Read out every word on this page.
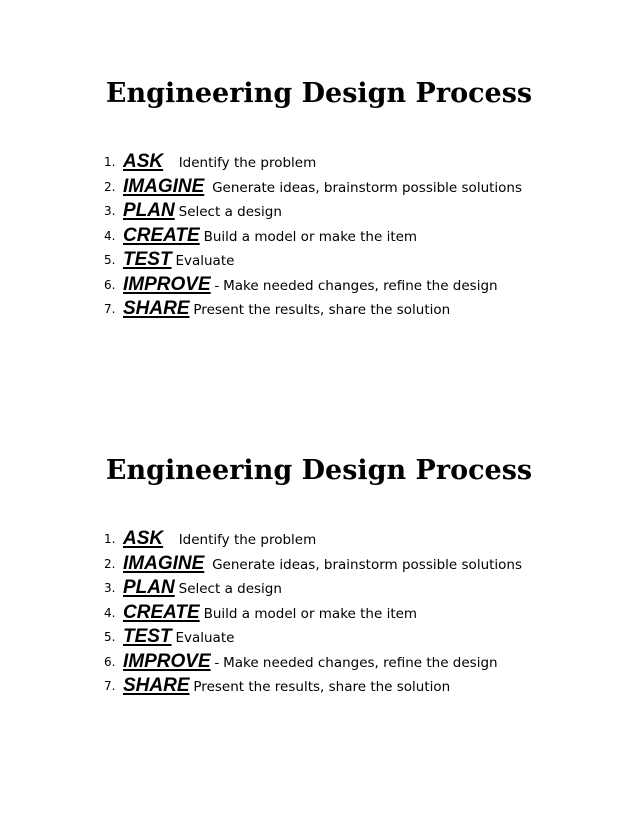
Engineering Design Process
1. ASK Identify the problem
2. IMAGINE Generate ideas, brainstorm possible solutions
3. PLAN Select a design
4. CREATE Build a model or make the item
5. TEST Evaluate
6. IMPROVE - Make needed changes, refine the design
7. SHARE Present the results, share the solution
Engineering Design Process
1. ASK Identify the problem
2. IMAGINE Generate ideas, brainstorm possible solutions
3. PLAN Select a design
4. CREATE Build a model or make the item
5. TEST Evaluate
6. IMPROVE - Make needed changes, refine the design
7. SHARE Present the results, share the solution
